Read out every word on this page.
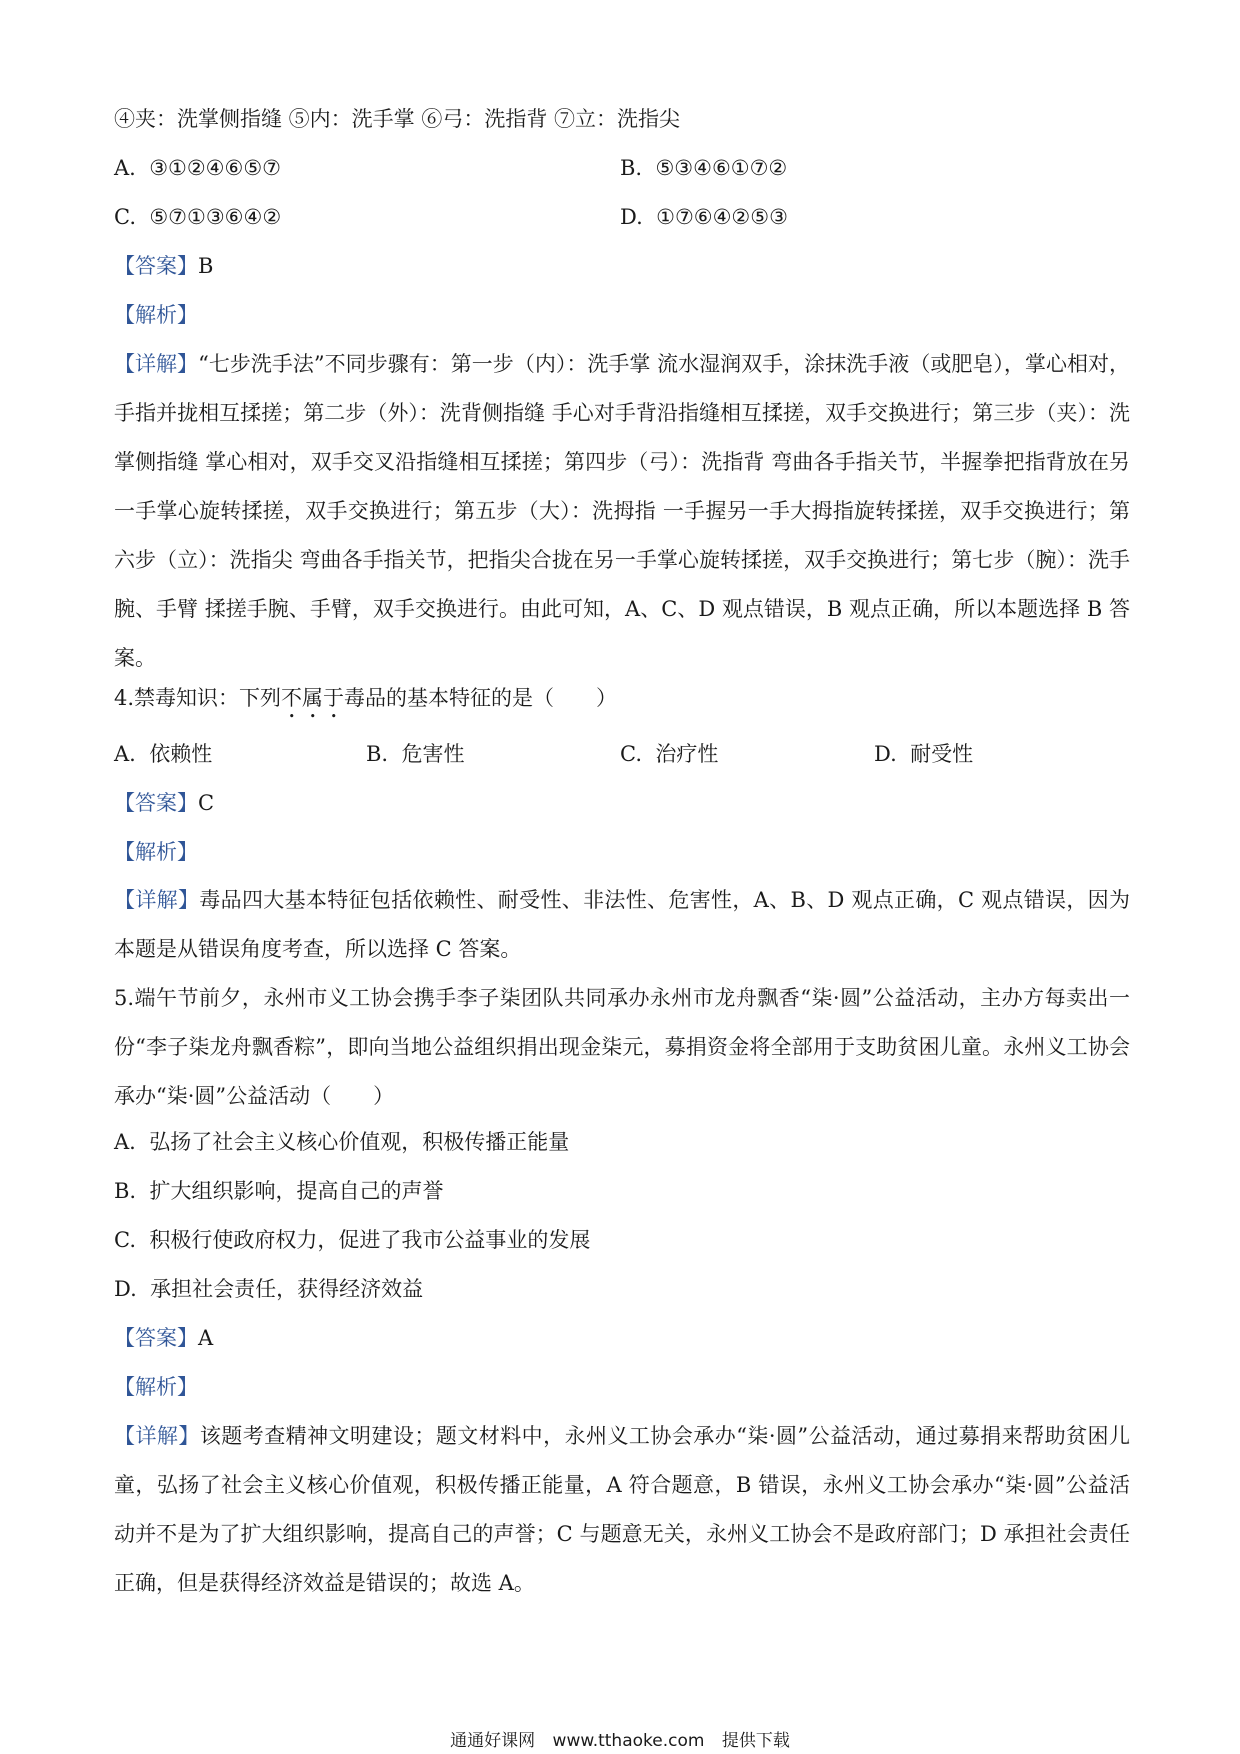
④夹：洗掌侧指缝 ⑤内：洗手掌 ⑥弓：洗指背 ⑦立：洗指尖
A. ③①②④⑥⑤⑦	B. ⑤③④⑥①⑦②
C. ⑤⑦①③⑥④②	D. ①⑦⑥④②⑤③
【答案】B
【解析】
【详解】“七步洗手法”不同步骤有：第一步（内）：洗手掌 流水湿润双手，涂抹洗手液（或肥皂），掌心相对，手指并拢相互揉搓；第二步（外）：洗背侧指缝 手心对手背沿指缝相互揉搓，双手交换进行；第三步（夹）：洗掌侧指缝 掌心相对，双手交叉沿指缝相互揉搓；第四步（弓）：洗指背 弯曲各手指关节，半握拳把指背放在另一手掌心旋转揉搓，双手交换进行；第五步（大）：洗拇指 一手握另一手大拇指旋转揉搓，双手交换进行；第六步（立）：洗指尖 弯曲各手指关节，把指尖合拢在另一手掌心旋转揉搓，双手交换进行；第七步（腕）：洗手腕、手臂 揉搓手腕、手臂，双手交换进行。由此可知，A、C、D 观点错误，B 观点正确，所以本题选择 B 答案。
4.禁毒知识：下列不属于毒品的基本特征的是（　　）
A. 依赖性	B. 危害性	C. 治疗性	D. 耐受性
【答案】C
【解析】
【详解】毒品四大基本特征包括依赖性、耐受性、非法性、危害性，A、B、D 观点正确，C 观点错误，因为本题是从错误角度考查，所以选择 C 答案。
5.端午节前夕，永州市义工协会携手李子柒团队共同承办永州市龙舟飘香“柒·圆”公益活动，主办方每卖出一份“李子柒龙舟飘香粽”，即向当地公益组织捐出现金柒元，募捐资金将全部用于支助贫困儿童。永州义工协会承办“柒·圆”公益活动（　　）
A. 弘扬了社会主义核心价值观，积极传播正能量
B. 扩大组织影响，提高自己的声誉
C. 积极行使政府权力，促进了我市公益事业的发展
D. 承担社会责任，获得经济效益
【答案】A
【解析】
【详解】该题考查精神文明建设；题文材料中，永州义工协会承办“柒·圆”公益活动，通过募捐来帮助贫困儿童，弘扬了社会主义核心价值观，积极传播正能量，A 符合题意，B 错误，永州义工协会承办“柒·圆”公益活动并不是为了扩大组织影响，提高自己的声誉；C 与题意无关，永州义工协会不是政府部门；D 承担社会责任正确，但是获得经济效益是错误的；故选 A。
通通好课网 www.tthaoke.com 提供下载
